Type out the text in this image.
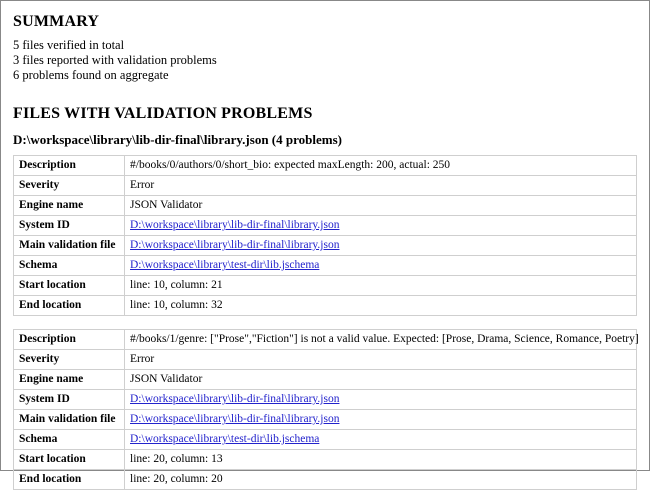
SUMMARY

5 files verified in total

3 files reported with validation problems

6 problems found on aggregate

FILES WITH VALIDATION PROBLEMS
D:\workspace\library\lib-dir-final\library.json (4 problems)
Description	#/books/0/authors/0/short_bio: expected maxLength: 200, actual: 250
Severity	Error
Engine name	JSON Validator
System ID	D:\workspace\library\lib-dir-final\library.json
Main validation file	D:\workspace\library\lib-dir-final\library.json
Schema	D:\workspace\library\test-dir\lib.jschema
Start location	line: 10, column: 21
End location	line: 10, column: 32
Description	#/books/1/genre: ["Prose","Fiction"] is not a valid value. Expected: [Prose, Drama, Science, Romance, Poetry]
Severity	Error
Engine name	JSON Validator
System ID	D:\workspace\library\lib-dir-final\library.json
Main validation file	D:\workspace\library\lib-dir-final\library.json
Schema	D:\workspace\library\test-dir\lib.jschema
Start location	line: 20, column: 13
End location	line: 20, column: 20
